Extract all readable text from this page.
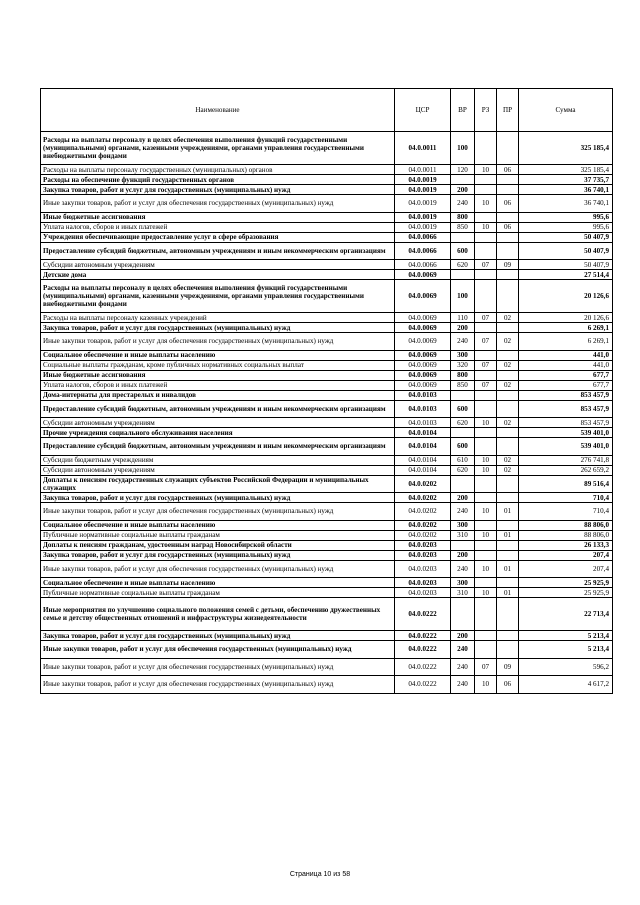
Наименование	ЦСР	ВР	РЗ	ПР	Сумма
Расходы на выплаты персоналу в целях обеспечения выполнения функций государственными (муниципальными) органами, казенными учреждениями, органами управления государственными внебюджетными фондами	04.0.0011	100			325 185,4
Расходы на выплаты персоналу государственных (муниципальных) органов	04.0.0011	120	10	06	325 185,4
Расходы на обеспечение функций государственных органов	04.0.0019				37 735,7
Закупка товаров, работ и услуг для государственных (муниципальных) нужд	04.0.0019	200			36 740,1
Иные закупки товаров, работ и услуг для обеспечения государственных (муниципальных) нужд	04.0.0019	240	10	06	36 740,1
Иные бюджетные ассигнования	04.0.0019	800			995,6
Уплата налогов, сборов и иных платежей	04.0.0019	850	10	06	995,6
Учреждения обеспечивающие предоставление услуг в сфере образования	04.0.0066				50 407,9
Предоставление субсидий бюджетным, автономным учреждениям и иным некоммерческим организациям	04.0.0066	600			50 407,9
Субсидии автономным учреждениям	04.0.0066	620	07	09	50 407,9
Детские дома	04.0.0069				27 514,4
Расходы на выплаты персоналу в целях обеспечения выполнения функций государственными (муниципальными) органами, казенными учреждениями, органами управления государственными внебюджетными фондами	04.0.0069	100			20 126,6
Расходы на выплаты персоналу казенных учреждений	04.0.0069	110	07	02	20 126,6
Закупка товаров, работ и услуг для государственных (муниципальных) нужд	04.0.0069	200			6 269,1
Иные закупки товаров, работ и услуг для обеспечения государственных (муниципальных) нужд	04.0.0069	240	07	02	6 269,1
Социальное обеспечение и иные выплаты населению	04.0.0069	300			441,0
Социальные выплаты гражданам, кроме публичных нормативных социальных выплат	04.0.0069	320	07	02	441,0
Иные бюджетные ассигнования	04.0.0069	800			677,7
Уплата налогов, сборов и иных платежей	04.0.0069	850	07	02	677,7
Дома-интернаты для престарелых и инвалидов	04.0.0103				853 457,9
Предоставление субсидий бюджетным, автономным учреждениям и иным некоммерческим организациям	04.0.0103	600			853 457,9
Субсидии автономным учреждениям	04.0.0103	620	10	02	853 457,9
Прочие учреждения социального обслуживания населения	04.0.0104				539 401,0
Предоставление субсидий бюджетным, автономным учреждениям и иным некоммерческим организациям	04.0.0104	600			539 401,0
Субсидии бюджетным учреждениям	04.0.0104	610	10	02	276 741,8
Субсидии автономным учреждениям	04.0.0104	620	10	02	262 659,2
Доплаты к пенсиям государственных служащих субъектов Российской Федерации и муниципальных служащих	04.0.0202				89 516,4
Закупка товаров, работ и услуг для государственных (муниципальных) нужд	04.0.0202	200			710,4
Иные закупки товаров, работ и услуг для обеспечения государственных (муниципальных) нужд	04.0.0202	240	10	01	710,4
Социальное обеспечение и иные выплаты населению	04.0.0202	300			88 806,0
Публичные нормативные социальные выплаты гражданам	04.0.0202	310	10	01	88 806,0
Доплаты к пенсиям гражданам, удостоенным наград Новосибирской области	04.0.0203				26 133,3
Закупка товаров, работ и услуг для государственных (муниципальных) нужд	04.0.0203	200			207,4
Иные закупки товаров, работ и услуг для обеспечения государственных (муниципальных) нужд	04.0.0203	240	10	01	207,4
Социальное обеспечение и иные выплаты населению	04.0.0203	300			25 925,9
Публичные нормативные социальные выплаты гражданам	04.0.0203	310	10	01	25 925,9
Иные мероприятия по улучшению социального положения семей с детьми, обеспечению дружественных семье и детству общественных отношений и инфраструктуры жизнедеятельности	04.0.0222				22 713,4
Закупка товаров, работ и услуг для государственных (муниципальных) нужд	04.0.0222	200			5 213,4
Иные закупки товаров, работ и услуг для обеспечения государственных (муниципальных) нужд	04.0.0222	240			5 213,4
Иные закупки товаров, работ и услуг для обеспечения государственных (муниципальных) нужд	04.0.0222	240	07	09	596,2
Иные закупки товаров, работ и услуг для обеспечения государственных (муниципальных) нужд	04.0.0222	240	10	06	4 617,2
Страница 10 из 58
